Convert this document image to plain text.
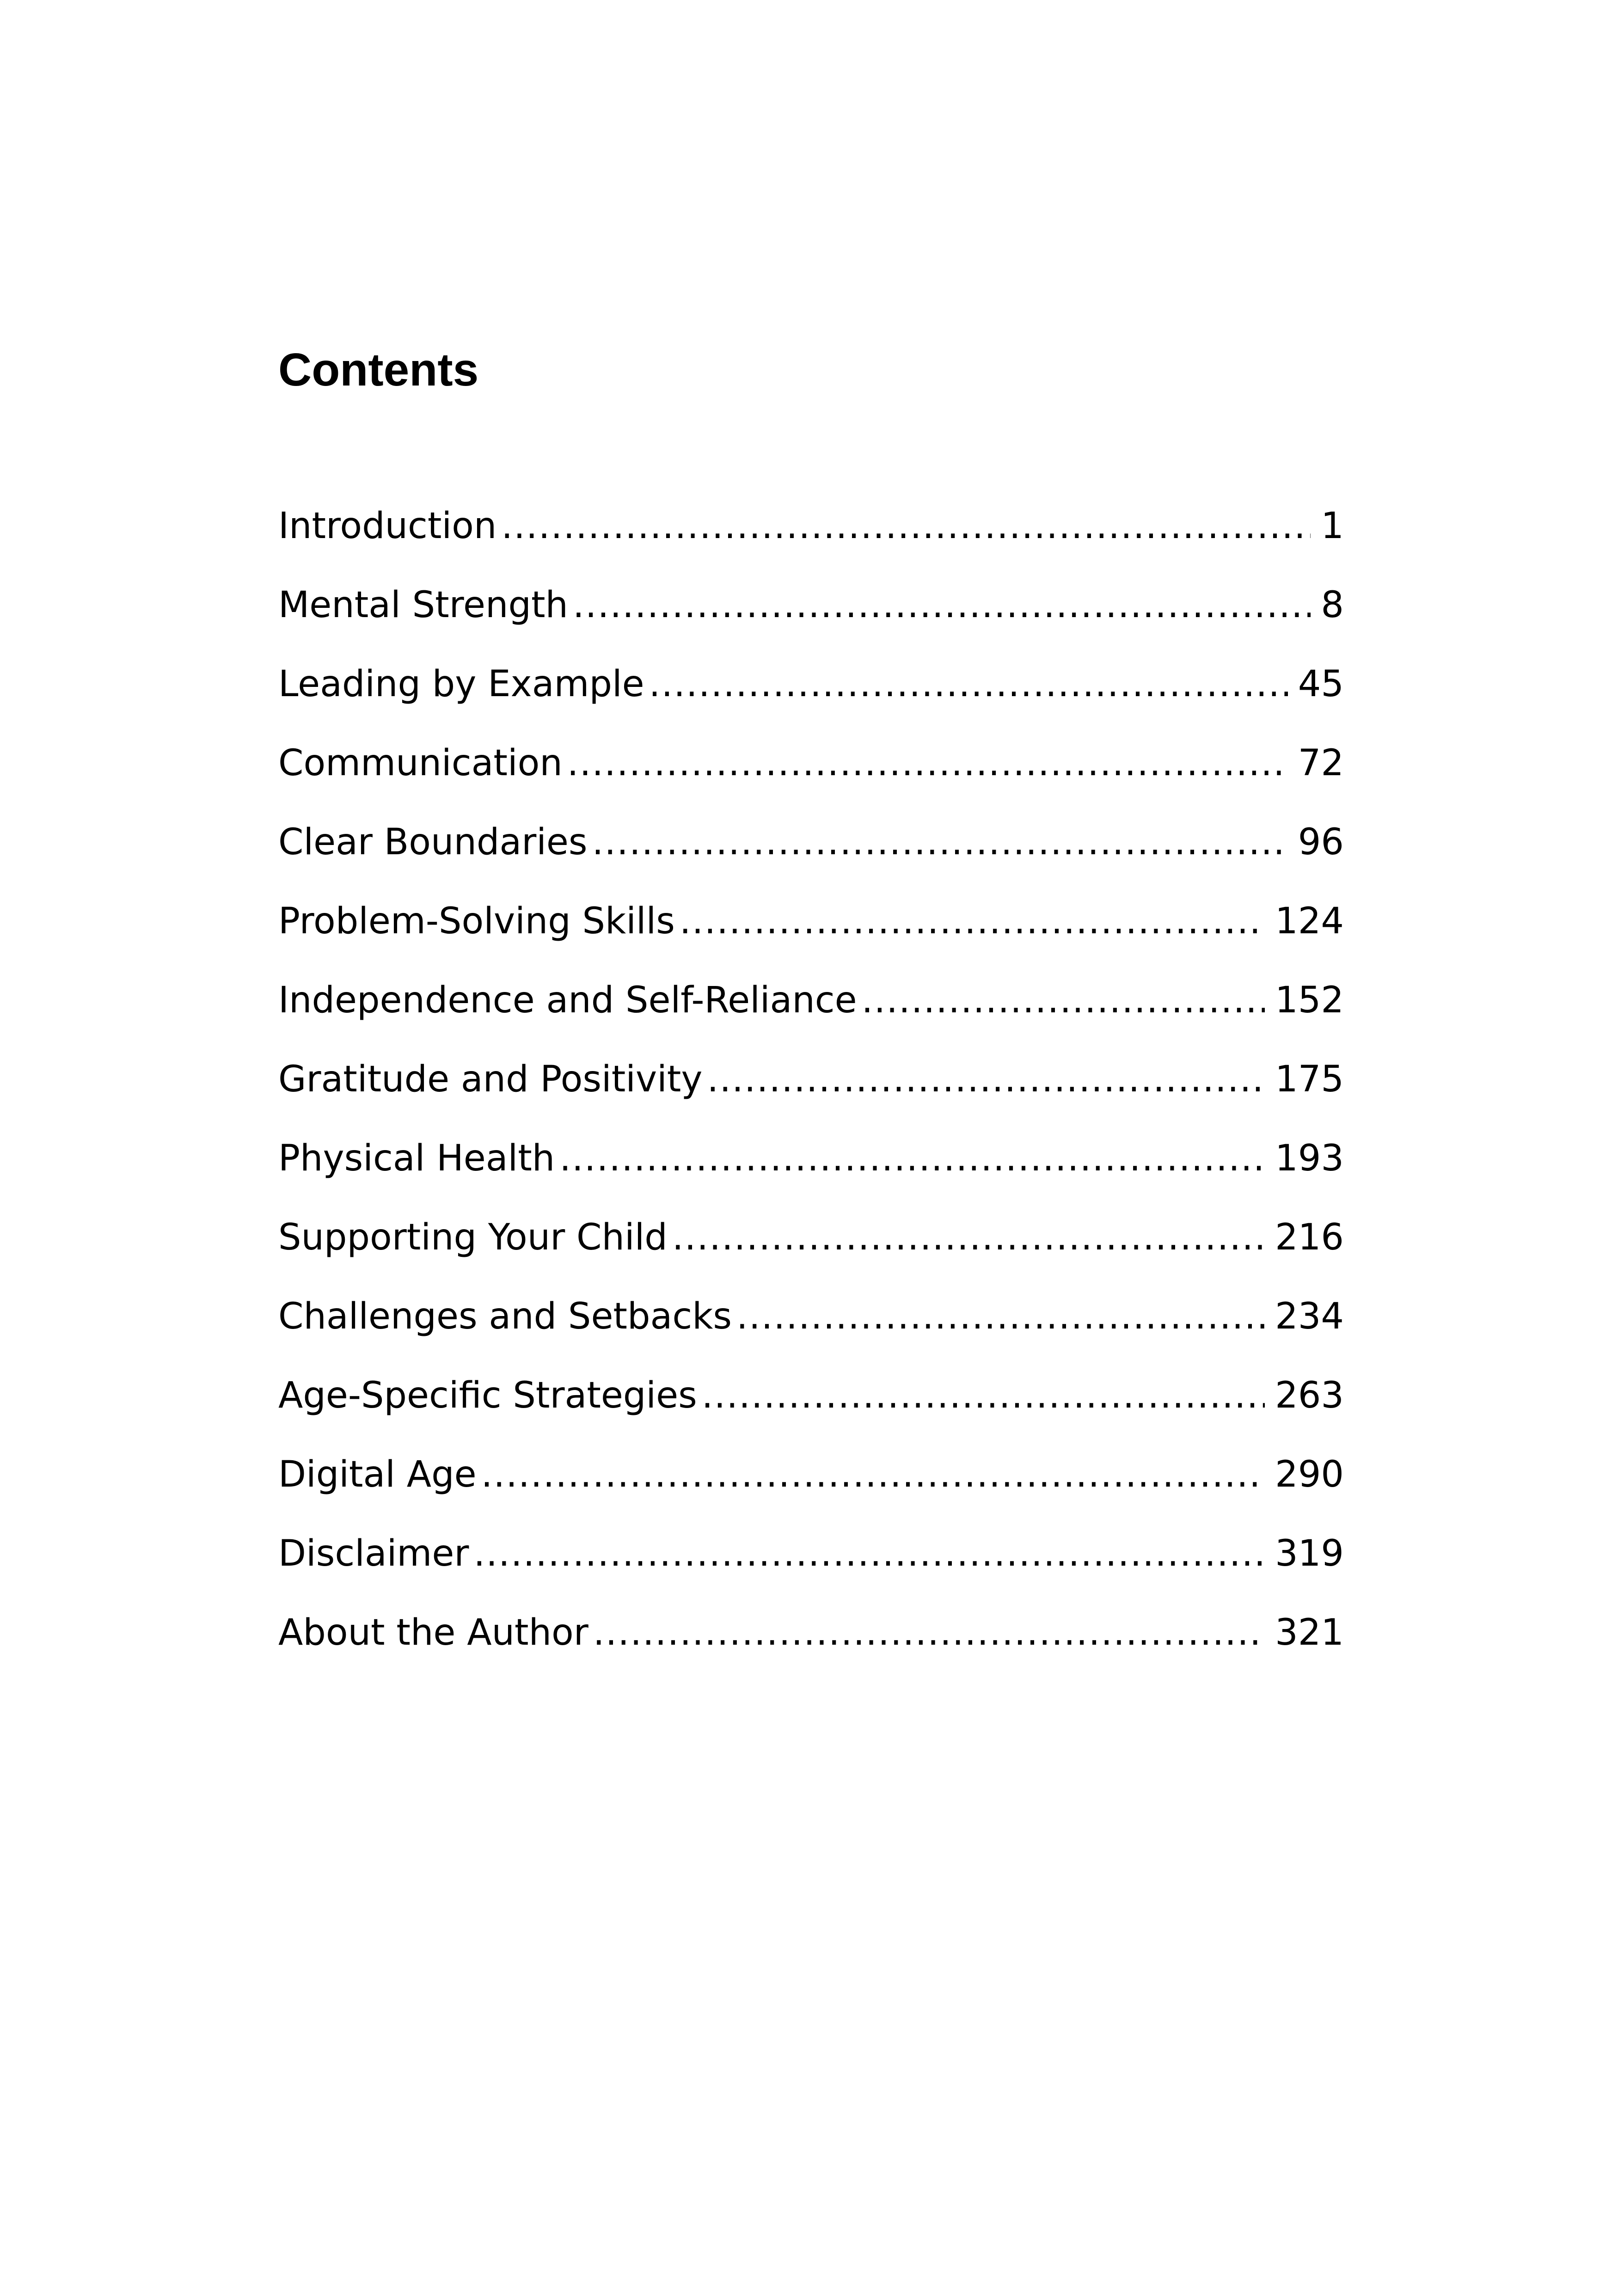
Contents
Introduction .....	1
Mental Strength .....	8
Leading by Example .....	45
Communication .....	72
Clear Boundaries .....	96
Problem-Solving Skills .....	124
Independence and Self-Reliance .....	152
Gratitude and Positivity .....	175
Physical Health .....	193
Supporting Your Child .....	216
Challenges and Setbacks .....	234
Age-Specific Strategies .....	263
Digital Age .....	290
Disclaimer .....	319
About the Author .....	321
